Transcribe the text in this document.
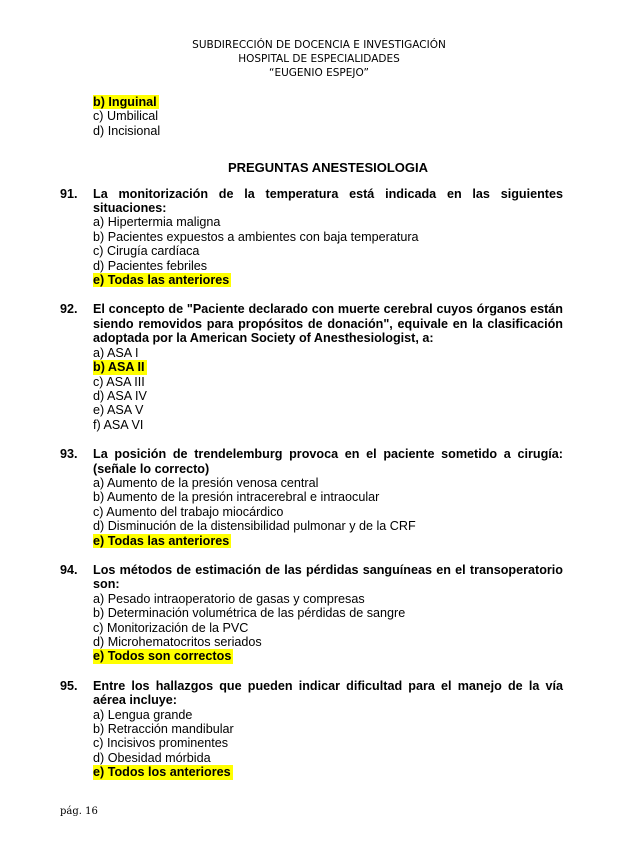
SUBDIRECCIÓN DE DOCENCIA E INVESTIGACIÓN
HOSPITAL DE ESPECIALIDADES
“EUGENIO ESPEJO”
b) Inguinal
c) Umbilical
d) Incisional
PREGUNTAS ANESTESIOLOGIA
91.	La monitorización de la temperatura está indicada en las siguientes situaciones:
a) Hipertermia maligna
b) Pacientes expuestos a ambientes con baja temperatura
c) Cirugía cardíaca
d) Pacientes febriles
e) Todas las anteriores
92.	El concepto de "Paciente declarado con muerte cerebral cuyos órganos están siendo removidos para propósitos de donación", equivale en la clasificación adoptada por la American Society of Anesthesiologist, a:
a) ASA I
b) ASA II
c) ASA III
d) ASA IV
e) ASA V
f) ASA VI
93.	La posición de trendelemburg provoca en el paciente sometido a cirugía: (señale lo correcto)
a) Aumento de la presión venosa central
b) Aumento de la presión intracerebral e intraocular
c) Aumento del trabajo miocárdico
d) Disminución de la distensibilidad pulmonar y de la CRF
e) Todas las anteriores
94.	Los métodos de estimación de las pérdidas sanguíneas en el transoperatorio son:
a) Pesado intraoperatorio de gasas y compresas
b) Determinación volumétrica de las pérdidas de sangre
c) Monitorización de la PVC
d) Microhematocritos seriados
e) Todos son correctos
95.	Entre los hallazgos que pueden indicar dificultad para el manejo de la vía aérea incluye:
a) Lengua grande
b) Retracción mandibular
c) Incisivos prominentes
d) Obesidad mórbida
e) Todos los anteriores
pág. 16
